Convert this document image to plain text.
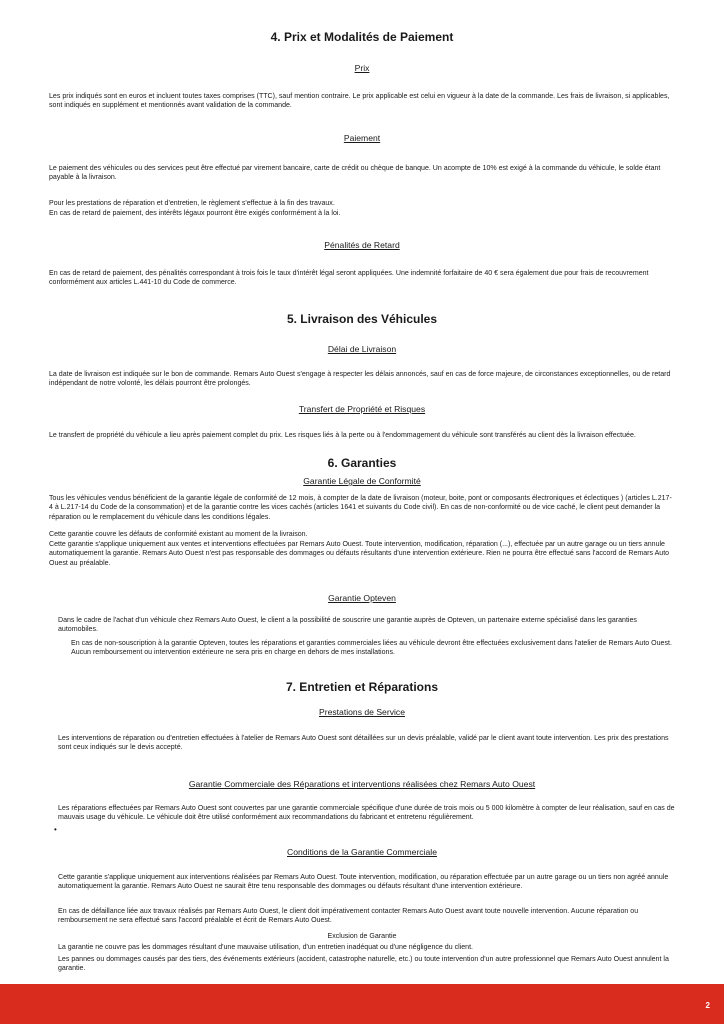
4. Prix et Modalités de Paiement
Prix

Les prix indiqués sont en euros et incluent toutes taxes comprises (TTC), sauf mention contraire. Le prix applicable est celui en vigueur à la date de la commande. Les frais de livraison, si applicables, sont indiqués en supplément et mentionnés avant validation de la commande.

Paiement

Le paiement des véhicules ou des services peut être effectué par virement bancaire, carte de crédit ou chèque de banque. Un acompte de 10% est exigé à la commande du véhicule, le solde étant payable à la livraison.

Pour les prestations de réparation et d'entretien, le règlement s'effectue à la fin des travaux.

En cas de retard de paiement, des intérêts légaux pourront être exigés conformément à la loi.

Pénalités de Retard

En cas de retard de paiement, des pénalités correspondant à trois fois le taux d'intérêt légal seront appliquées. Une indemnité forfaitaire de 40 € sera également due pour frais de recouvrement conformément aux articles L.441-10 du Code de commerce.

5. Livraison des Véhicules
Délai de Livraison

La date de livraison est indiquée sur le bon de commande. Remars Auto Ouest s'engage à respecter les délais annoncés, sauf en cas de force majeure, de circonstances exceptionnelles, ou de retard indépendant de notre volonté, les délais pourront être prolongés.

Transfert de Propriété et Risques

Le transfert de propriété du véhicule a lieu après paiement complet du prix. Les risques liés à la perte ou à l'endommagement du véhicule sont transférés au client dès la livraison effectuée.

6. Garanties
Garantie Légale de Conformité

Tous les véhicules vendus bénéficient de la garantie légale de conformité de 12 mois, à compter de la date de livraison (moteur, boite, pont or composants électroniques et éclectiques ) (articles L.217-4 à L.217-14 du Code de la consommation) et de la garantie contre les vices cachés (articles 1641 et suivants du Code civil). En cas de non-conformité ou de vice caché, le client peut demander la réparation ou le remplacement du véhicule dans les conditions légales.

Cette garantie couvre les défauts de conformité existant au moment de la livraison.

Cette garantie s'applique uniquement aux ventes et interventions effectuées par Remars Auto Ouest. Toute intervention, modification, réparation (...), effectuée par un autre garage ou un tiers annule automatiquement la garantie. Remars Auto Ouest n'est pas responsable des dommages ou défauts résultants d'une intervention extérieure. Rien ne pourra être effectué sans l'accord de Remars Auto Ouest au préalable.

Garantie Opteven

Dans le cadre de l'achat d'un véhicule chez Remars Auto Ouest, le client a la possibilité de souscrire une garantie auprès de Opteven, un partenaire externe spécialisé dans les garanties automobiles.

En cas de non-souscription à la garantie Opteven, toutes les réparations et garanties commerciales liées au véhicule devront être effectuées exclusivement dans l'atelier de Remars Auto Ouest. Aucun remboursement ou intervention extérieure ne sera pris en charge en dehors de mes installations.

7. Entretien et Réparations
Prestations de Service

Les interventions de réparation ou d'entretien effectuées à l'atelier de Remars Auto Ouest sont détaillées sur un devis préalable, validé par le client avant toute intervention. Les prix des prestations sont ceux indiqués sur le devis accepté.

Garantie Commerciale des Réparations et interventions réalisées chez Remars Auto Ouest

Les réparations effectuées par Remars Auto Ouest sont couvertes par une garantie commerciale spécifique d'une durée de trois mois ou 5 000 kilomètre à compter de leur réalisation, sauf en cas de mauvais usage du véhicule. Le véhicule doit être utilisé conformément aux recommandations du fabricant et entretenu régulièrement.

•
Conditions de la Garantie Commerciale

Cette garantie s'applique uniquement aux interventions réalisées par Remars Auto Ouest. Toute intervention, modification, ou réparation effectuée par un autre garage ou un tiers non agréé annule automatiquement la garantie. Remars Auto Ouest ne saurait être tenu responsable des dommages ou défauts résultant d'une intervention extérieure.

En cas de défaillance liée aux travaux réalisés par Remars Auto Ouest, le client doit impérativement contacter Remars Auto Ouest avant toute nouvelle intervention. Aucune réparation ou remboursement ne sera effectué sans l'accord préalable et écrit de Remars Auto Ouest.

Exclusion de Garantie

La garantie ne couvre pas les dommages résultant d'une mauvaise utilisation, d'un entretien inadéquat ou d'une négligence du client.

Les pannes ou dommages causés par des tiers, des événements extérieurs (accident, catastrophe naturelle, etc.) ou toute intervention d'un autre professionnel que Remars Auto Ouest annulent la garantie.

2
